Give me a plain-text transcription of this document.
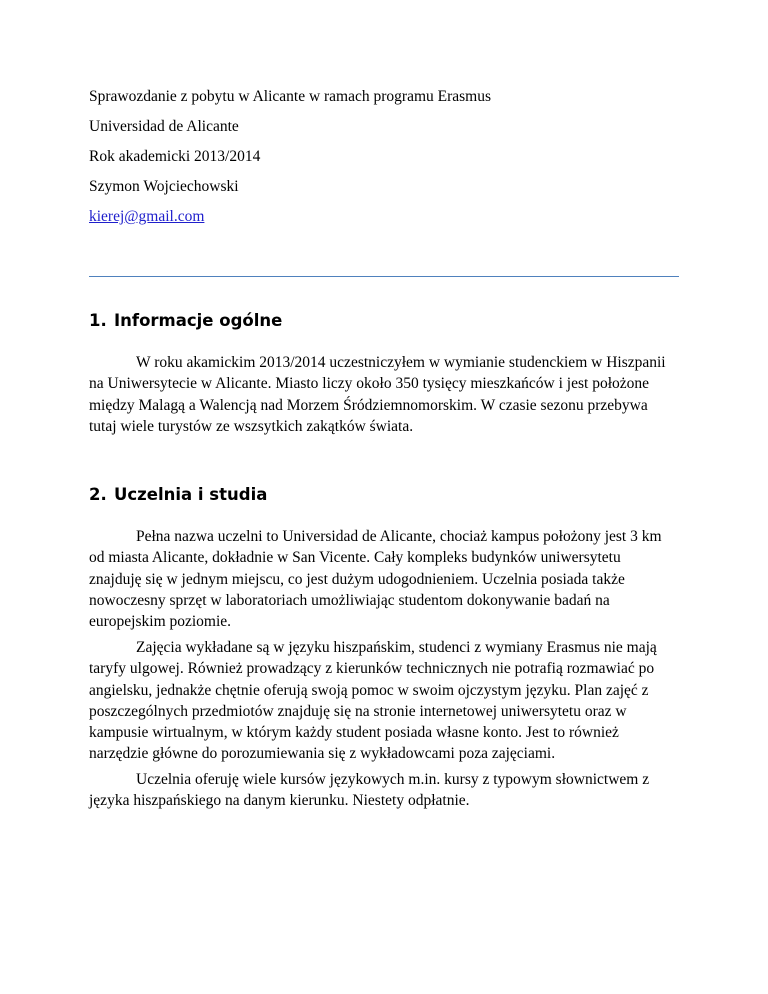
Sprawozdanie z pobytu w Alicante w ramach programu Erasmus
Universidad de Alicante
Rok akademicki 2013/2014
Szymon Wojciechowski
kierej@gmail.com
1. Informacje ogólne
W roku akamickim 2013/2014 uczestniczyłem w wymianie studenckiem w Hiszpanii
na Uniwersytecie w Alicante. Miasto liczy około 350 tysięcy mieszkańców i jest położone
między Malagą a Walencją nad Morzem Śródziemnomorskim. W czasie sezonu przebywa
tutaj wiele turystów ze wszsytkich zakątków świata.
2. Uczelnia i studia
Pełna nazwa uczelni to Universidad de Alicante, chociaż kampus położony jest 3 km
od miasta Alicante, dokładnie w San Vicente. Cały kompleks budynków uniwersytetu
znajduję się w jednym miejscu, co jest dużym udogodnieniem. Uczelnia posiada także
nowoczesny sprzęt w laboratoriach umożliwiając studentom dokonywanie badań na
europejskim poziomie.
Zajęcia wykładane są w języku hiszpańskim, studenci z wymiany Erasmus nie mają
taryfy ulgowej. Również prowadzący z kierunków technicznych nie potrafią rozmawiać po
angielsku, jednakże chętnie oferują swoją pomoc w swoim ojczystym języku. Plan zajęć z
poszczególnych przedmiotów znajduję się na stronie internetowej uniwersytetu oraz w
kampusie wirtualnym, w którym każdy student posiada własne konto. Jest to również
narzędzie główne do porozumiewania się z wykładowcami poza zajęciami.
Uczelnia oferuję wiele kursów językowych m.in. kursy z typowym słownictwem z
języka hiszpańskiego na danym kierunku. Niestety odpłatnie.
